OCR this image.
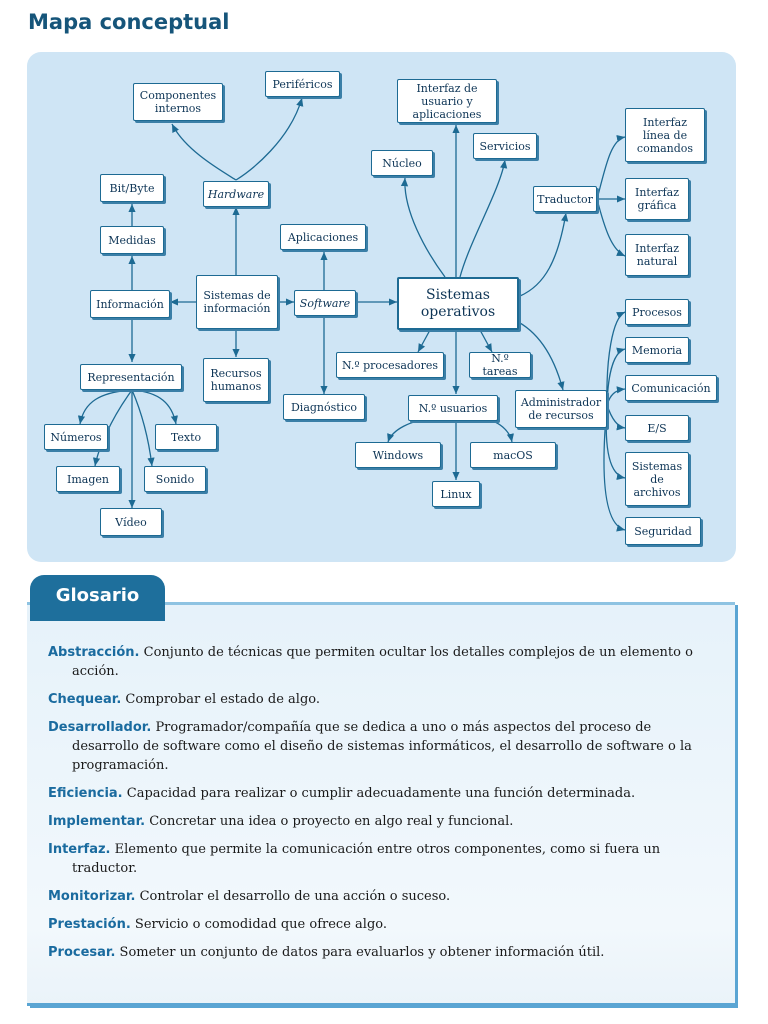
Mapa conceptual
Componentes internos
Periféricos
Hardware
Bit/Byte
Medidas
Información
Sistemas de información
Recursos humanos
Representación
Números	Texto
Imagen	Sonido
Vídeo
Aplicaciones
Software
Diagnóstico
Interfaz de usuario y aplicaciones
Servicios
Núcleo
Sistemas operativos
N.º procesadores	N.º tareas
N.º usuarios
Windows	macOS
Linux
Traductor
Interfaz línea de comandos
Interfaz gráfica
Interfaz natural
Administrador de recursos
Procesos
Memoria
Comunicación
E/S
Sistemas de archivos
Seguridad
Glosario
Abstracción. Conjunto de técnicas que permiten ocultar los detalles complejos de un elemento o acción.
Chequear. Comprobar el estado de algo.
Desarrollador. Programador/compañía que se dedica a uno o más aspectos del proceso de desarrollo de software como el diseño de sistemas informáticos, el desarrollo de software o la programación.
Eficiencia. Capacidad para realizar o cumplir adecuadamente una función determinada.
Implementar. Concretar una idea o proyecto en algo real y funcional.
Interfaz. Elemento que permite la comunicación entre otros componentes, como si fuera un traductor.
Monitorizar. Controlar el desarrollo de una acción o suceso.
Prestación. Servicio o comodidad que ofrece algo.
Procesar. Someter un conjunto de datos para evaluarlos y obtener información útil.
